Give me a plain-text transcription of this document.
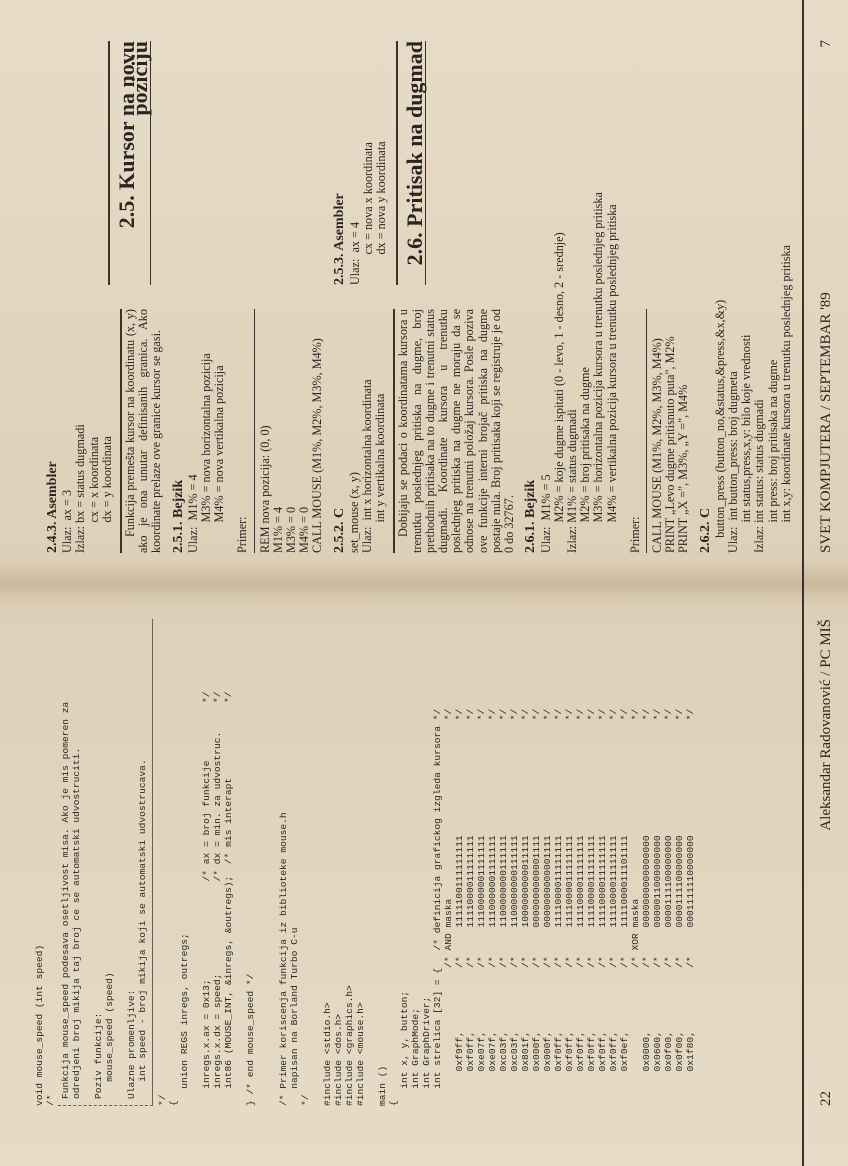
void mouse_speed (int speed) /*
Funkcija mouse_speed podesava osetljivost misa. Ako je mis pomeren za odredjeni broj mikija taj broj ce se automatski udvostruciti. Poziv funkcije: mouse_speed (speed) Ulazne promenljive: int speed - broj mikija koji se automatski udvostrucava.
*/ { union REGS inregs, outregs; inregs.x.ax = 0x13;                 /* ax = broj funkcije          */ inregs.x.dx = speed;                /* dx = min. za udvostruc.     */ int86 (MOUSE_INT, &inregs, &outregs);  /* mis interapt             */ } /* end mouse_speed */ /* Primer koriscenja funkcija iz biblioteke mouse.h napisan na Borland Turbo C-u */ #include <stdio.h> #include <dos.h> #include <graphics.h> #include <mouse.h> main () { int x, y, button; int GraphMode; int GraphDriver; int strelica [32] = {   /* definicija grafickog izgleda kursora */ /* AND maska                               */ 0xf9ff,           /*     1111100111111111                    */ 0xf0ff,           /*     1111000011111111                    */ 0xe07f,           /*     1110000001111111                    */ 0xe07f,           /*     1110000001111111                    */ 0xc03f,           /*     1100000000111111                    */ 0xc03f,           /*     1100000000111111                    */ 0x801f,           /*     1000000000011111                    */ 0x000f,           /*     0000000000001111                    */ 0x000f,           /*     0000000000001111                    */ 0xf0ff,           /*     1111000011111111                    */ 0xf0ff,           /*     1111000011111111                    */ 0xf0ff,           /*     1111000011111111                    */ 0xf0ff,           /*     1111000011111111                    */ 0xf0ff,           /*     1111000011111111                    */ 0xf0ff,           /*     1111000011111111                    */ 0xf0ef,           /*     1111000011101111                    */ /* XOR maska                               */ 0x0000,           /*     0000000000000000                    */ 0x0600,           /*     0000011000000000                    */ 0x0f00,           /*     0000111100000000                    */ 0x0f00,           /*     0000111100000000                    */ 0x1f80,           /*     0001111110000000                    */	22
Aleksandar Radovanović / PC MIŠ
2.4.3. Asembler Ulaz:  ax = 3 Izlaz: bx = status dugmadi cx = x koordinata dx = y koordinata Funkcija premešta kursor na koordinatu (x, y) ako je ona unutar definisanih granica. Ako koordinate prelaze ove granice kursor se gasi. 2.5.1. Bejzik Ulaz:  M1% = 4 M3% = nova horizontalna pozicija M4% = nova vertikalna pozicija Primer: REM nova pozicija: (0, 0) M1% = 4 M3% = 0 M4% = 0 CALL MOUSE (M1%, M2%, M3%, M4%) 2.5.2. C set_mouse (x, y) Ulaz:  int x horizontalna koordinata int y vertikalna koordinata Dobijaju se podaci o koordinatama kursora u trenutku poslednjeg pritiska na dugme, broj prethodnih pritisaka na to dugme i trenutni status dugmadi. Koordinate kursora u trenutku poslednjeg pritiska na dugme ne moraju da se odnose na trenutni položaj kursora. Posle poziva ove funkcije interni brojač pritiska na dugme postaje nula. Broj pritisaka koji se registruje je od 0 do 32767. 2.6.1. Bejzik Ulaz:  M1% = 5 M2% = koje dugme ispitati (0 - levo, 1 - desno, 2 - srednje) Izlaz: M1% = status dugmadi M2% = broj pritisaka na dugme M3% = horizontalna pozicija kursora u trenutku poslednjeg pritiska M4% = vertikalna pozicija kursora u trenutku poslednjeg pritiska Primer: CALL MOUSE (M1%, M2%, M3%, M4%) PRINT „Levo dugme pritisnuto puta", M2% PRINT „X =", M3%, „Y =", M4% 2.6.2. C button_press (button_no,&status,&press,&x,&y) Ulaz:  int button_press: broj dugmeta int status,press,x,y: bilo koje vrednosti Izlaz: int status: status dugmadi int press: broj pritisaka na dugme int x,y: koordinate kursora u trenutku poslednjeg pritiska
2.5. Kursor na novu poziciju
2.5.3. Asembler Ulaz:  ax = 4 cx = nova x koordinata dx = nova y koordinata 2.6. Pritisak na dugmad
SVET KOMPJUTERA / SEPTEMBAR '89
7
